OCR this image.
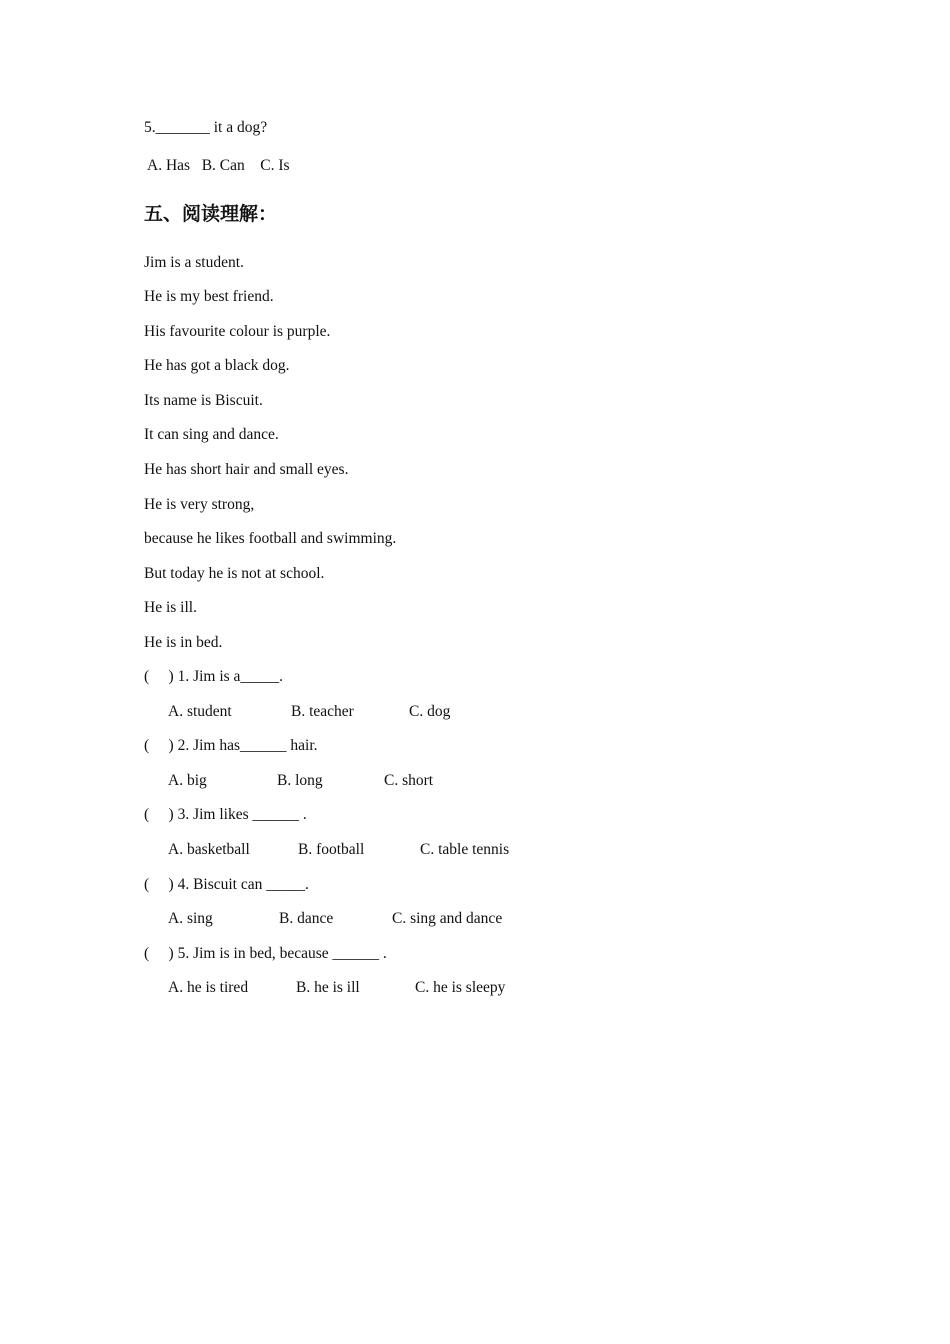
5._______ it a dog?
A. Has   B. Can    C. Is
五、阅读理解：
Jim is a student.
He is my best friend.
His favourite colour is purple.
He has got a black dog.
Its name is Biscuit.
It can sing and dance.
He has short hair and small eyes.
He is very strong,
because he likes football and swimming.
But today he is not at school.
He is ill.
He is in bed.
(     ) 1. Jim is a_____.

A. student

	B. teacher

	C. dog

(     ) 2. Jim has______ hair.

A. big

	B. long

	C. short

(     ) 3. Jim likes ______ .

A. basketball

	B. football

	C. table tennis

(     ) 4. Biscuit can _____.

A. sing

	B. dance

	C. sing and dance

(     ) 5. Jim is in bed, because ______ .

A. he is tired

	B. he is ill

	C. he is sleepy
